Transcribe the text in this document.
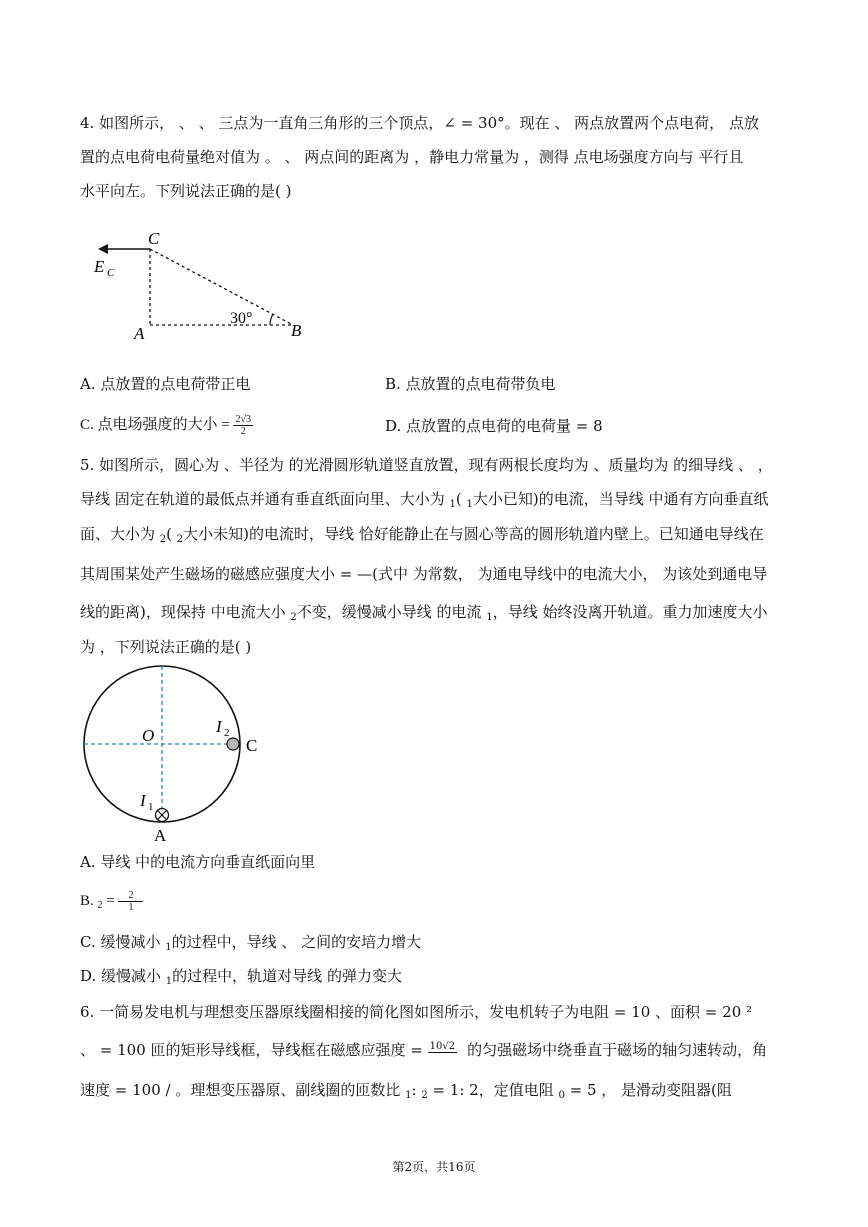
4. 如图所示， 、 、 三点为一直角三角形的三个顶点，∠ = 30°。现在 、 两点放置两个点电荷， 点放
置的点电荷电荷量绝对值为 。 、 两点间的距离为 ，静电力常量为 ，测得 点电场强度方向与 平行且
水平向左。下列说法正确的是( )
C
E C
A	B
30°
A. 点放置的点电荷带正电	B. 点放置的点电荷带负电
C. 点电场强度的大小 = $\frac{2√3}{2}$	D. 点放置的点电荷的电荷量 = 8
5. 如图所示，圆心为 、半径为 的光滑圆形轨道竖直放置，现有两根长度均为 、质量均为 的细导线 、 ，
导线 固定在轨道的最低点并通有垂直纸面向里、大小为 $_1$( $_1$大小已知)的电流，当导线 中通有方向垂直纸
面、大小为 $_2$( $_2$大小未知)的电流时，导线 恰好能静止在与圆心等高的圆形轨道内壁上。已知通电导线在
其周围某处产生磁场的磁感应强度大小 = —(式中 为常数， 为通电导线中的电流大小， 为该处到通电导
线的距离)，现保持 中电流大小 $_2$不变，缓慢减小导线 的电流 $_1$，导线 始终没离开轨道。重力加速度大小
为 ，下列说法正确的是( )
O	I 2
C
I 1
A
A. 导线 中的电流方向垂直纸面向里
B. $_2 = \frac{2}{1}$
C. 缓慢减小 $_1$的过程中，导线 、 之间的安培力增大
D. 缓慢减小 $_1$的过程中，轨道对导线 的弹力变大
6. 一简易发电机与理想变压器原线圈相接的简化图如图所示，发电机转子为电阻 = 10 、面积 = 20 ²
、 = 100 匝的矩形导线框，导线框在磁感应强度 = 10√2 的匀强磁场中绕垂直于磁场的轴匀速转动，角
速度 = 100 / 。理想变压器原、副线圈的匝数比 $_1$: $_2$ = 1: 2，定值电阻 $_0$ = 5 ， 是滑动变阻器(阻
第2页，共16页
